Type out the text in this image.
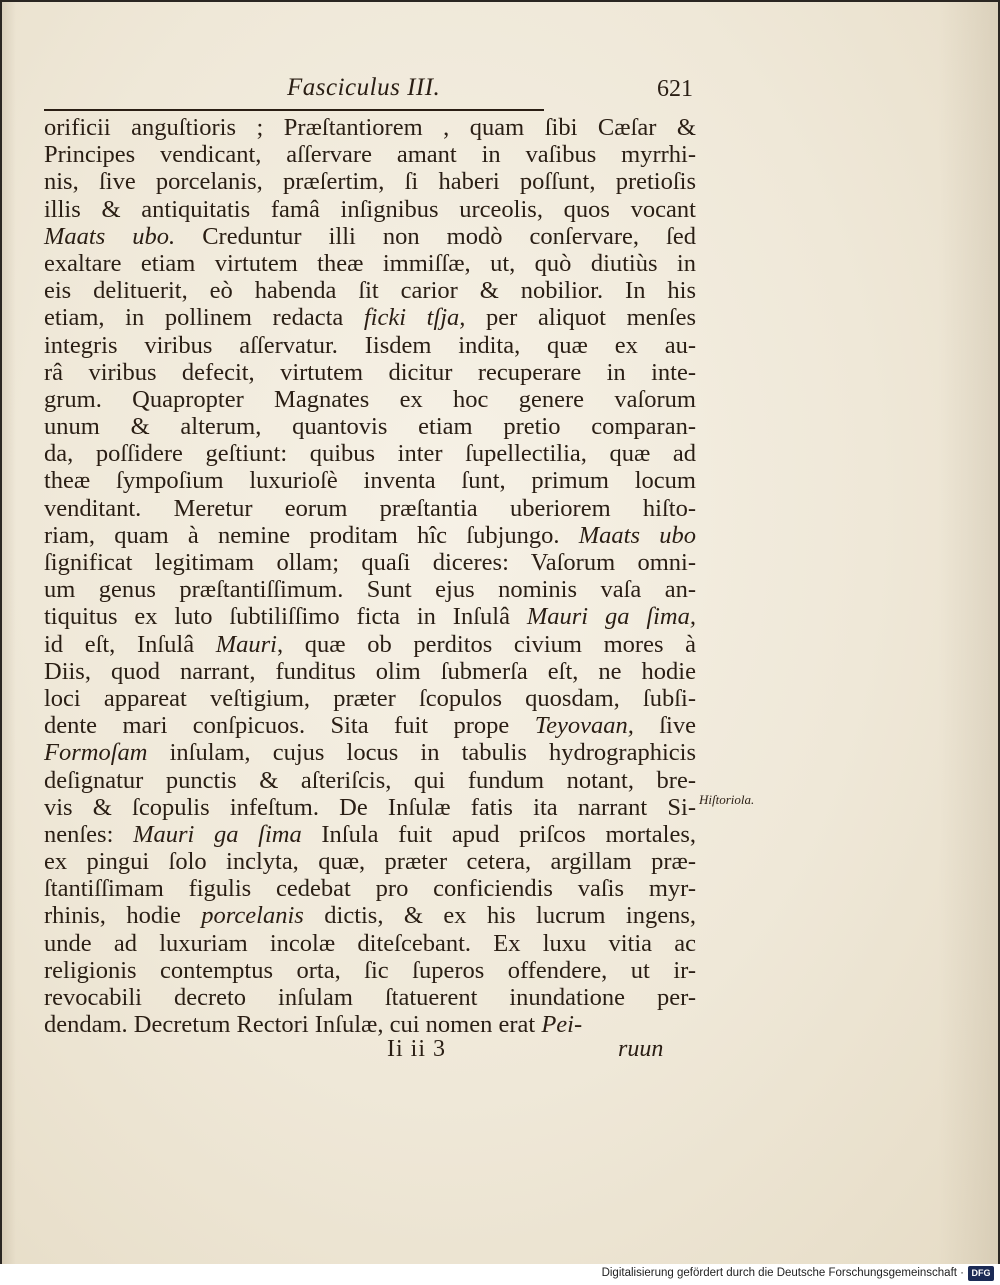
Fasciculus III.	621
orificii anguſtioris ; Præſtantiorem , quam ſibi Cæſar &
Principes vendicant, aſſervare amant in vaſibus myrrhi-
nis, ſive porcelanis, præſertim, ſi haberi poſſunt, pretioſis
illis & antiquitatis famâ inſignibus urceolis, quos vocant
Maats ubo. Creduntur illi non modò conſervare, ſed
exaltare etiam virtutem theæ immiſſæ, ut, quò diutiùs in
eis delituerit, eò habenda ſit carior & nobilior. In his
etiam, in pollinem redacta ficki tſja, per aliquot menſes
integris viribus aſſervatur. Iisdem indita, quæ ex au-
râ viribus defecit, virtutem dicitur recuperare in inte-
grum. Quapropter Magnates ex hoc genere vaſorum
unum & alterum, quantovis etiam pretio comparan-
da, poſſidere geſtiunt: quibus inter ſupellectilia, quæ ad
theæ ſympoſium luxurioſè inventa ſunt, primum locum
venditant. Meretur eorum præſtantia uberiorem hiſto-
riam, quam à nemine proditam hîc ſubjungo. Maats ubo
ſignificat legitimam ollam; quaſi diceres: Vaſorum omni-
um genus præſtantiſſimum. Sunt ejus nominis vaſa an-
tiquitus ex luto ſubtiliſſimo ficta in Inſulâ Mauri ga ſima,
id eſt, Inſulâ Mauri, quæ ob perditos civium mores à
Diis, quod narrant, funditus olim ſubmerſa eſt, ne hodie
loci appareat veſtigium, præter ſcopulos quosdam, ſubſi-
dente mari conſpicuos. Sita fuit prope Teyovaan, ſive
Formoſam inſulam, cujus locus in tabulis hydrographicis
deſignatur punctis & aſteriſcis, qui fundum notant, bre-
vis & ſcopulis infeſtum. De Inſulæ fatis ita narrant Si-
nenſes: Mauri ga ſima Inſula fuit apud priſcos mortales,
ex pingui ſolo inclyta, quæ, præter cetera, argillam præ-
ſtantiſſimam figulis cedebat pro conficiendis vaſis myr-
rhinis, hodie porcelanis dictis, & ex his lucrum ingens,
unde ad luxuriam incolæ diteſcebant. Ex luxu vitia ac
religionis contemptus orta, ſic ſuperos offendere, ut ir-
revocabili decreto inſulam ſtatuerent inundatione per-
dendam. Decretum Rectori Inſulæ, cui nomen erat Pei-
Hiſtoriola.
Ii ii 3	ruun
Digitalisierung gefördert durch die Deutsche Forschungsgemeinschaft · DFG
